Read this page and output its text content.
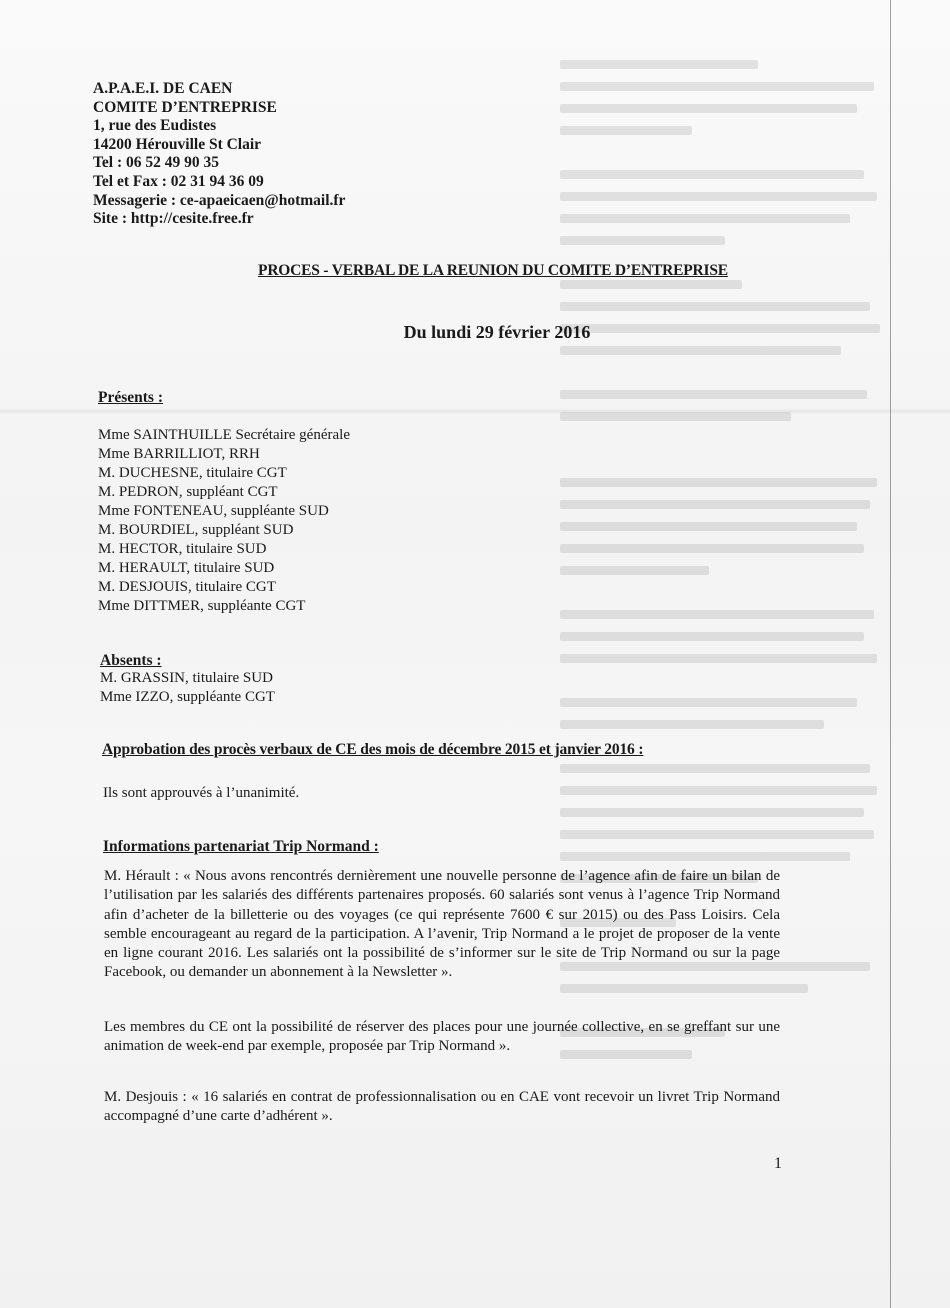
A.P.A.E.I. DE CAEN
COMITE D’ENTREPRISE
1, rue des Eudistes
14200 Hérouville St Clair
Tel : 06 52 49 90 35
Tel et Fax : 02 31 94 36 09
Messagerie : ce-apaeicaen@hotmail.fr
Site : http://cesite.free.fr
PROCES - VERBAL DE LA REUNION DU COMITE D’ENTREPRISE
Du lundi 29 février 2016
Présents :
Mme SAINTHUILLE Secrétaire générale
Mme BARRILLIOT, RRH
M. DUCHESNE, titulaire CGT
M. PEDRON, suppléant CGT
Mme FONTENEAU, suppléante SUD
M. BOURDIEL, suppléant SUD
M. HECTOR, titulaire SUD
M. HERAULT, titulaire SUD
M. DESJOUIS, titulaire CGT
Mme DITTMER, suppléante CGT
Absents :
M. GRASSIN, titulaire SUD
Mme IZZO, suppléante CGT
Approbation des procès verbaux de CE des mois de décembre 2015 et janvier 2016 :
Ils sont approuvés à l’unanimité.
Informations partenariat Trip Normand :
M. Hérault : « Nous avons rencontrés dernièrement une nouvelle personne de l’agence afin de faire un bilan de l’utilisation par les salariés des différents partenaires proposés. 60 salariés sont venus à l’agence Trip Normand afin d’acheter de la billetterie ou des voyages (ce qui représente 7600 € sur 2015) ou des Pass Loisirs. Cela semble encourageant au regard de la participation. A l’avenir, Trip Normand a le projet de proposer de la vente en ligne courant 2016. Les salariés ont la possibilité de s’informer sur le site de Trip Normand ou sur la page Facebook, ou demander un abonnement à la Newsletter ».
Les membres du CE ont la possibilité de réserver des places pour une journée collective, en se greffant sur une animation de week-end par exemple, proposée par Trip Normand ».
M. Desjouis : « 16 salariés en contrat de professionnalisation ou en CAE vont recevoir un livret Trip Normand accompagné d’une carte d’adhérent ».
1
